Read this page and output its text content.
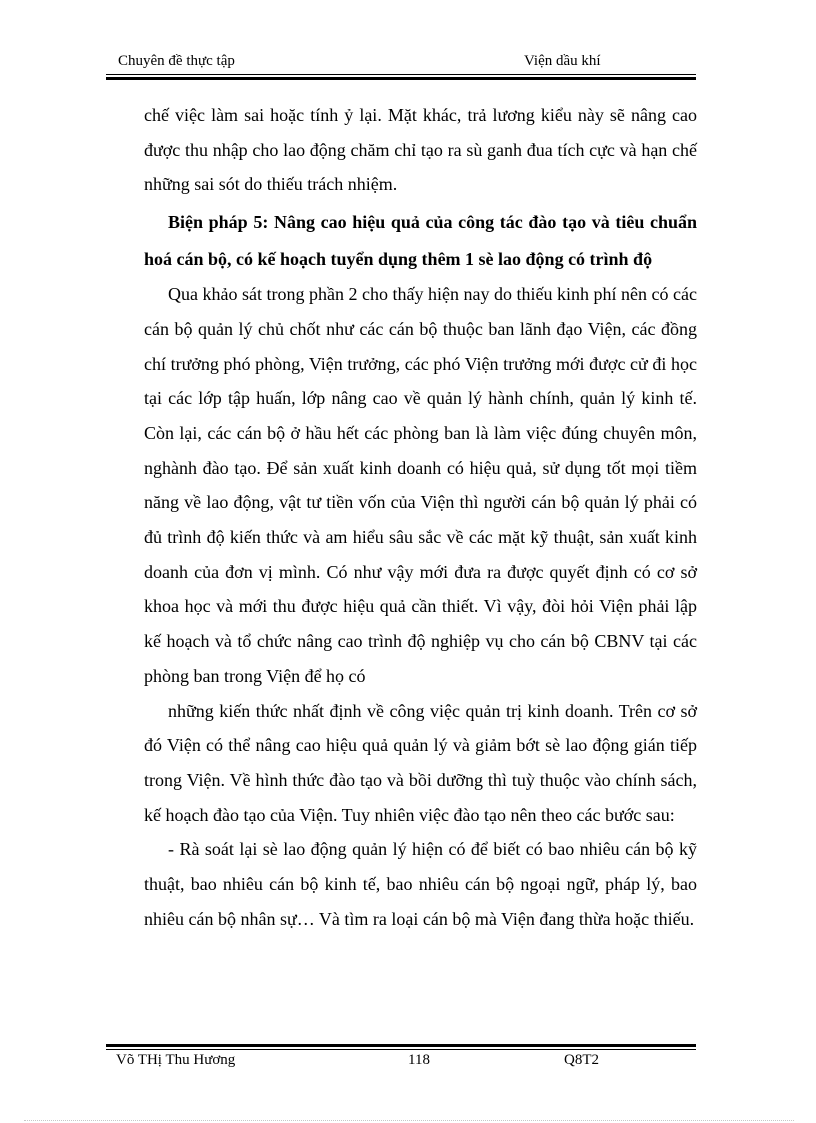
Chuyên đề thực tập	Viện dầu khí

chế việc làm sai hoặc tính ỷ lại. Mặt khác, trả lương kiểu này sẽ nâng cao được thu nhập cho lao động chăm chỉ tạo ra sù ganh đua tích cực và hạn chế những sai sót do thiếu trách nhiệm.

Biện pháp 5: Nâng cao hiệu quả của công tác đào tạo và tiêu chuẩn hoá cán bộ, có kế hoạch tuyển dụng thêm 1 sè lao động có trình độ

Qua khảo sát trong phần 2 cho thấy hiện nay do thiếu kinh phí nên có các cán bộ quản lý chủ chốt như các cán bộ thuộc ban lãnh đạo Viện, các đồng chí trưởng phó phòng, Viện trưởng, các phó Viện trưởng mới được cử đi học tại các lớp tập huấn, lớp nâng cao về quản lý hành chính, quản lý kinh tế. Còn lại, các cán bộ ở hầu hết các phòng ban là làm việc đúng chuyên môn, nghành đào tạo. Để sản xuất kinh doanh có hiệu quả, sử dụng tốt mọi tiềm năng về lao động, vật tư tiền vốn của Viện thì người cán bộ quản lý phải có đủ trình độ kiến thức và am hiểu sâu sắc về các mặt kỹ thuật, sản xuất kinh doanh của đơn vị mình. Có như vậy mới đưa ra được quyết định có cơ sở khoa học và mới thu được hiệu quả cần thiết. Vì vậy, đòi hỏi Viện phải lập kế hoạch và tổ chức nâng cao trình độ nghiệp vụ cho cán bộ CBNV tại các phòng ban trong Viện để họ có

những kiến thức nhất định về công việc quản trị kinh doanh. Trên cơ sở đó Viện có thể nâng cao hiệu quả quản lý và giảm bớt sè lao động gián tiếp trong Viện. Về hình thức đào tạo và bồi dưỡng thì tuỳ thuộc vào chính sách, kế hoạch đào tạo của Viện. Tuy nhiên việc đào tạo nên theo các bước sau:

- Rà soát lại sè lao động quản lý hiện có để biết có bao nhiêu cán bộ kỹ thuật, bao nhiêu cán bộ kinh tế, bao nhiêu cán bộ ngoại ngữ, pháp lý, bao nhiêu cán bộ nhân sự… Và tìm ra loại cán bộ mà Viện đang thừa hoặc thiếu.

Võ THị Thu Hương	118	Q8T2
